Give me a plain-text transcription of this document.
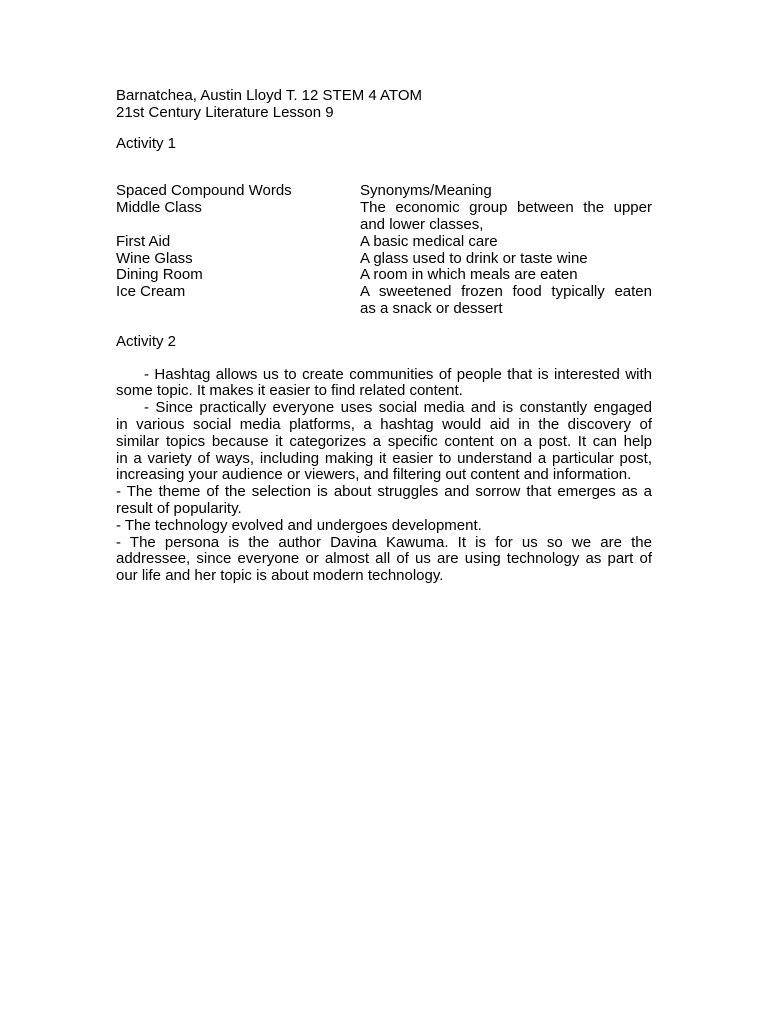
Barnatchea, Austin Lloyd T. 12 STEM 4 ATOM
21st Century Literature Lesson 9
Activity 1
Spaced Compound Words	Synonyms/Meaning
Middle Class	The economic group between the upper
and lower classes,
First Aid	A basic medical care
Wine Glass	A glass used to drink or taste wine
Dining Room	A room in which meals are eaten
Ice Cream	A sweetened frozen food typically eaten
as a snack or dessert
Activity 2
- Hashtag allows us to create communities of people that is interested with
some topic. It makes it easier to find related content.
- Since practically everyone uses social media and is constantly engaged
in various social media platforms, a hashtag would aid in the discovery of
similar topics because it categorizes a specific content on a post. It can help
in a variety of ways, including making it easier to understand a particular post,
increasing your audience or viewers, and filtering out content and information.
- The theme of the selection is about struggles and sorrow that emerges as a
result of popularity.
- The technology evolved and undergoes development.
- The persona is the author Davina Kawuma. It is for us so we are the
addressee, since everyone or almost all of us are using technology as part of
our life and her topic is about modern technology.
